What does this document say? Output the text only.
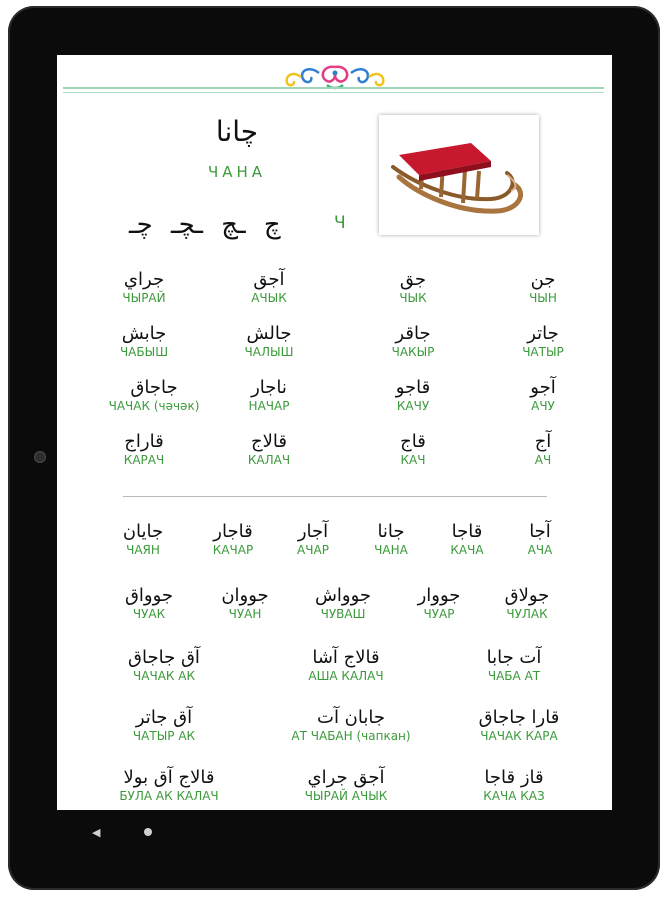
◀
چانا
ЧАНА
چ ـچ ـچـ چـ	Ч
جن
ЧЫН
جق
ЧЫК
آجق
АЧЫК
جراي
ЧЫРАЙ
جاتر
ЧАТЫР
جاقر
ЧАКЫР
جالش
ЧАЛЫШ
جابش
ЧАБЫШ
آجو
АЧУ
قاجو
КАЧУ
ناجار
НАЧАР
جاجاق
ЧАЧАК (чәчәк)
آج
АЧ
قاج
КАЧ
قالاج
КАЛАЧ
قاراج
КАРАЧ
آجا
АЧА
قاجا
КАЧА
جانا
ЧАНА
آجار
АЧАР
قاجار
КАЧАР
جايان
ЧАЯН
جولاق
ЧУЛАК
جووار
ЧУАР
جوواش
ЧУВАШ
جووان
ЧУАН
جوواق
ЧУАК
آت جابا
ЧАБА АТ
قالاج آشا
АША КАЛАЧ
آق جاجاق
ЧАЧАК АК
قارا جاجاق
ЧАЧАК КАРА
جابان آت
АТ ЧАБАН (чапкан)
آق جاتر
ЧАТЫР АК
قاز قاجا
КАЧА КАЗ
آجق جراي
ЧЫРАЙ АЧЫК
قالاج آق بولا
БУЛА АК КАЛАЧ
